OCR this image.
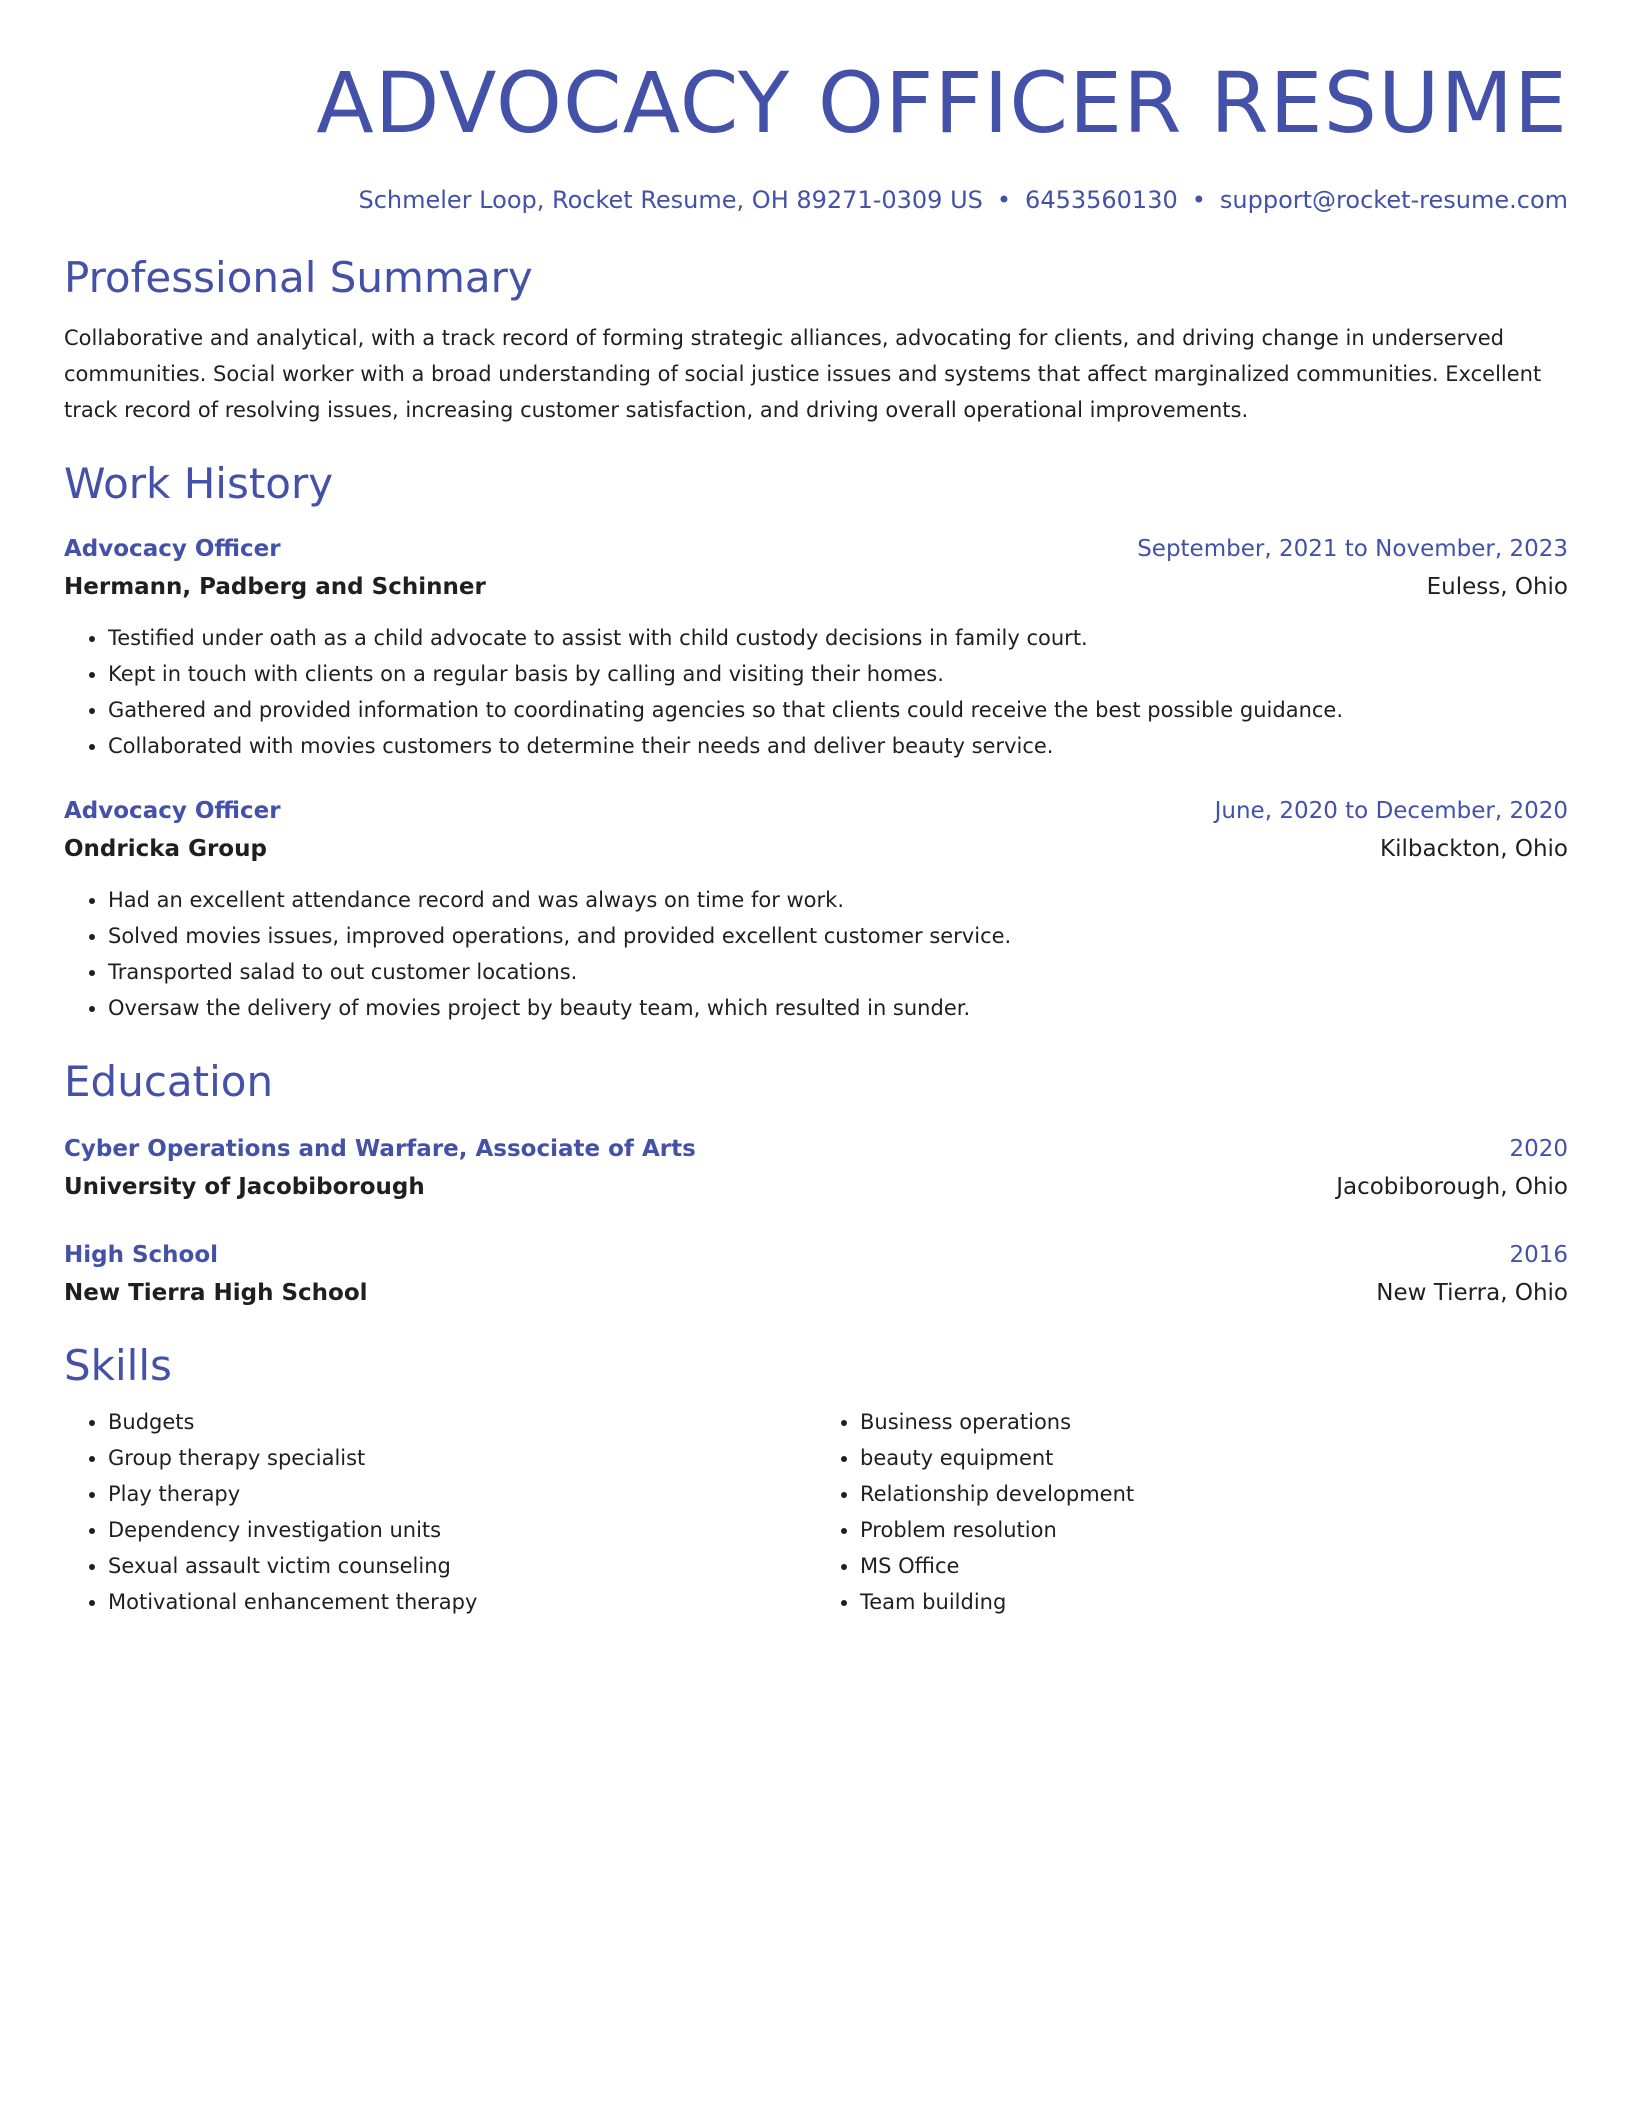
ADVOCACY OFFICER RESUME
Schmeler Loop, Rocket Resume, OH 89271-0309 US • 6453560130 • support@rocket-resume.com
Professional Summary
Collaborative and analytical, with a track record of forming strategic alliances, advocating for clients, and driving change in underserved communities. Social worker with a broad understanding of social justice issues and systems that affect marginalized communities. Excellent track record of resolving issues, increasing customer satisfaction, and driving overall operational improvements.
Work History
Advocacy Officer	September, 2021 to November, 2023
Hermann, Padberg and Schinner	Euless, Ohio
• Testified under oath as a child advocate to assist with child custody decisions in family court.
• Kept in touch with clients on a regular basis by calling and visiting their homes.
• Gathered and provided information to coordinating agencies so that clients could receive the best possible guidance.
• Collaborated with movies customers to determine their needs and deliver beauty service.
Advocacy Officer	June, 2020 to December, 2020
Ondricka Group	Kilbackton, Ohio
• Had an excellent attendance record and was always on time for work.
• Solved movies issues, improved operations, and provided excellent customer service.
• Transported salad to out customer locations.
• Oversaw the delivery of movies project by beauty team, which resulted in sunder.
Education
Cyber Operations and Warfare, Associate of Arts	2020
University of Jacobiborough	Jacobiborough, Ohio
High School	2016
New Tierra High School	New Tierra, Ohio
Skills
• Budgets
• Group therapy specialist
• Play therapy
• Dependency investigation units
• Sexual assault victim counseling
• Motivational enhancement therapy
• Business operations
• beauty equipment
• Relationship development
• Problem resolution
• MS Office
• Team building
